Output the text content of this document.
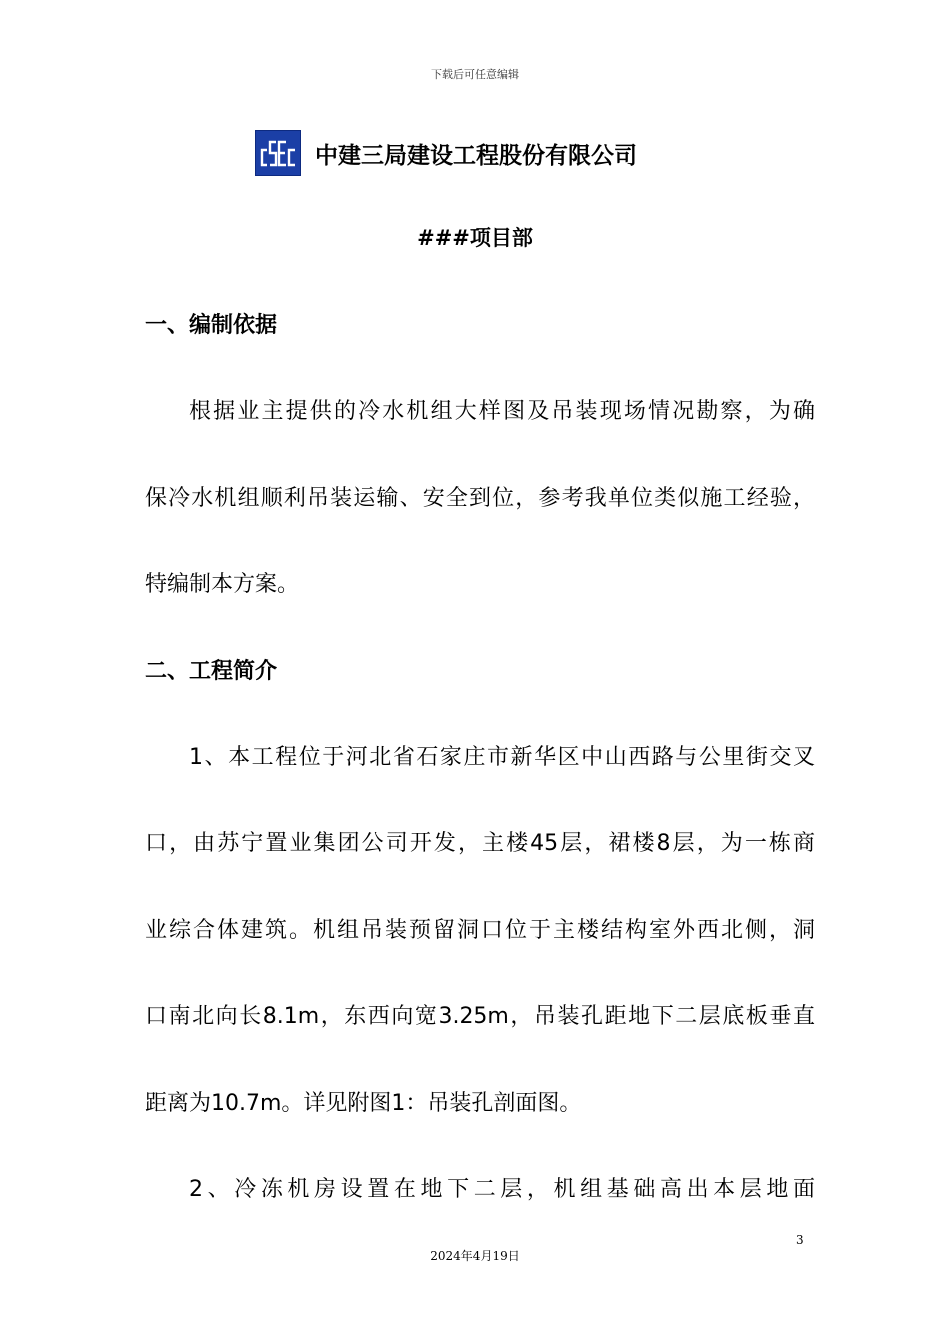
下载后可任意编辑
中建三局建设工程股份有限公司
###项目部
一、编制依据
根据业主提供的冷水机组大样图及吊装现场情况勘察，为确
保冷水机组顺利吊装运输、安全到位，参考我单位类似施工经验，
特编制本方案。
二、工程简介
1、本工程位于河北省石家庄市新华区中山西路与公里街交叉
口，由苏宁置业集团公司开发，主楼45层，裙楼8层，为一栋商
业综合体建筑。机组吊装预留洞口位于主楼结构室外西北侧，洞
口南北向长8.1m，东西向宽3.25m，吊装孔距地下二层底板垂直
距离为10.7m。详见附图1：吊装孔剖面图。
2、冷冻机房设置在地下二层，机组基础高出本层地面
3
2024年4月19日
